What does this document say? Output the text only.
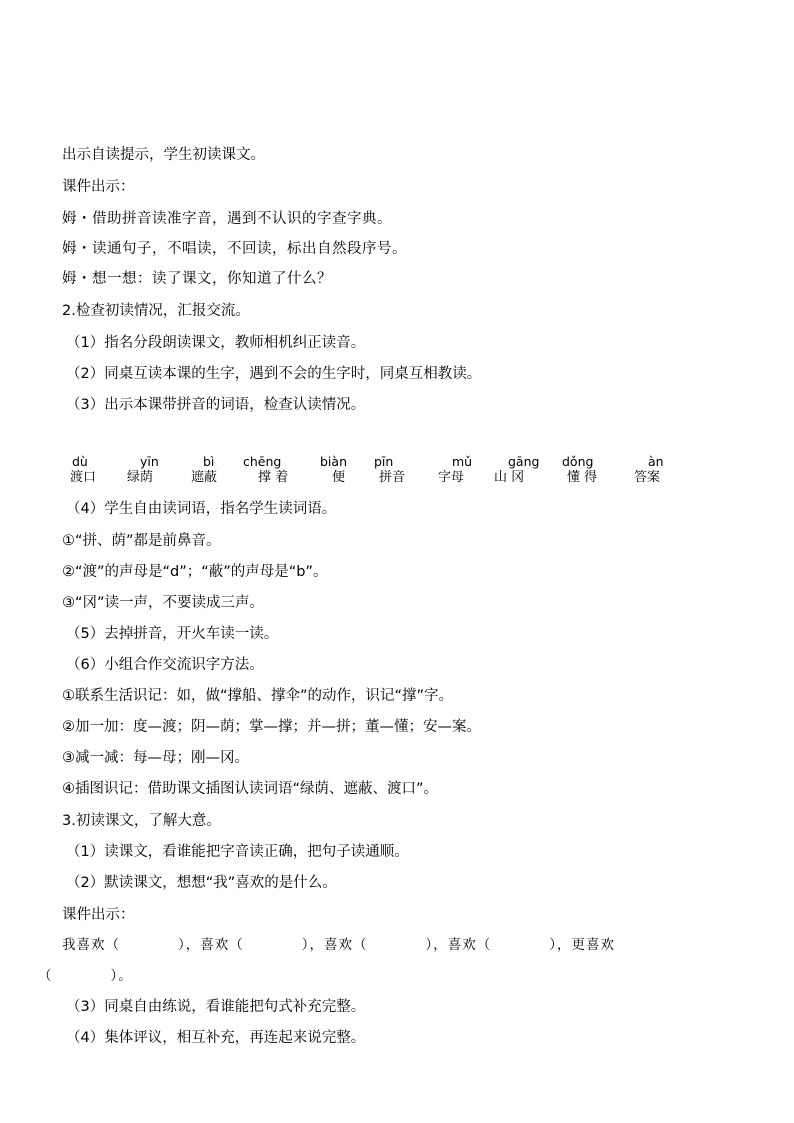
出示自读提示，学生初读课文。

课件出示：

姆・借助拼音读准字音，遇到不认识的字查字典。

姆・读通句子，不唱读，不回读，标出自然段序号。

姆・想一想：读了课文，你知道了什么？

2.检查初读情况，汇报交流。

（1）指名分段朗读课文，教师相机纠正读音。

（2）同桌互读本课的生字，遇到不会的生字时，同桌互相教读。

（3）出示本课带拼音的词语，检查认读情况。

dù
渡口
yīn
绿荫
bì
遮蔽
chēng
撑 着
biàn
便
pīn
拼音
mǔ
字母
gāng
山 冈
dǒng
懂 得
àn
答案

（4）学生自由读词语，指名学生读词语。

①“拼、荫”都是前鼻音。

②“渡”的声母是“d”；“蔽”的声母是“b”。

③“冈”读一声，不要读成三声。

（5）去掉拼音，开火车读一读。

（6）小组合作交流识字方法。

①联系生活识记：如，做“撑船、撑伞”的动作，识记“撑”字。

②加一加：度—渡；阴—荫；掌—撑；并—拼；董—懂；安—案。

③减一减：每—母；刚—冈。

④插图识记：借助课文插图认读词语“绿荫、遮蔽、渡口”。

3.初读课文，了解大意。

（1）读课文，看谁能把字音读正确，把句子读通顺。

（2）默读课文，想想“我”喜欢的是什么。

课件出示：

我喜欢（　　　　），喜欢（　　　　），喜欢（　　　　），喜欢（　　　　），更喜欢

（　　　　）。

（3）同桌自由练说，看谁能把句式补充完整。

（4）集体评议，相互补充，再连起来说完整。
